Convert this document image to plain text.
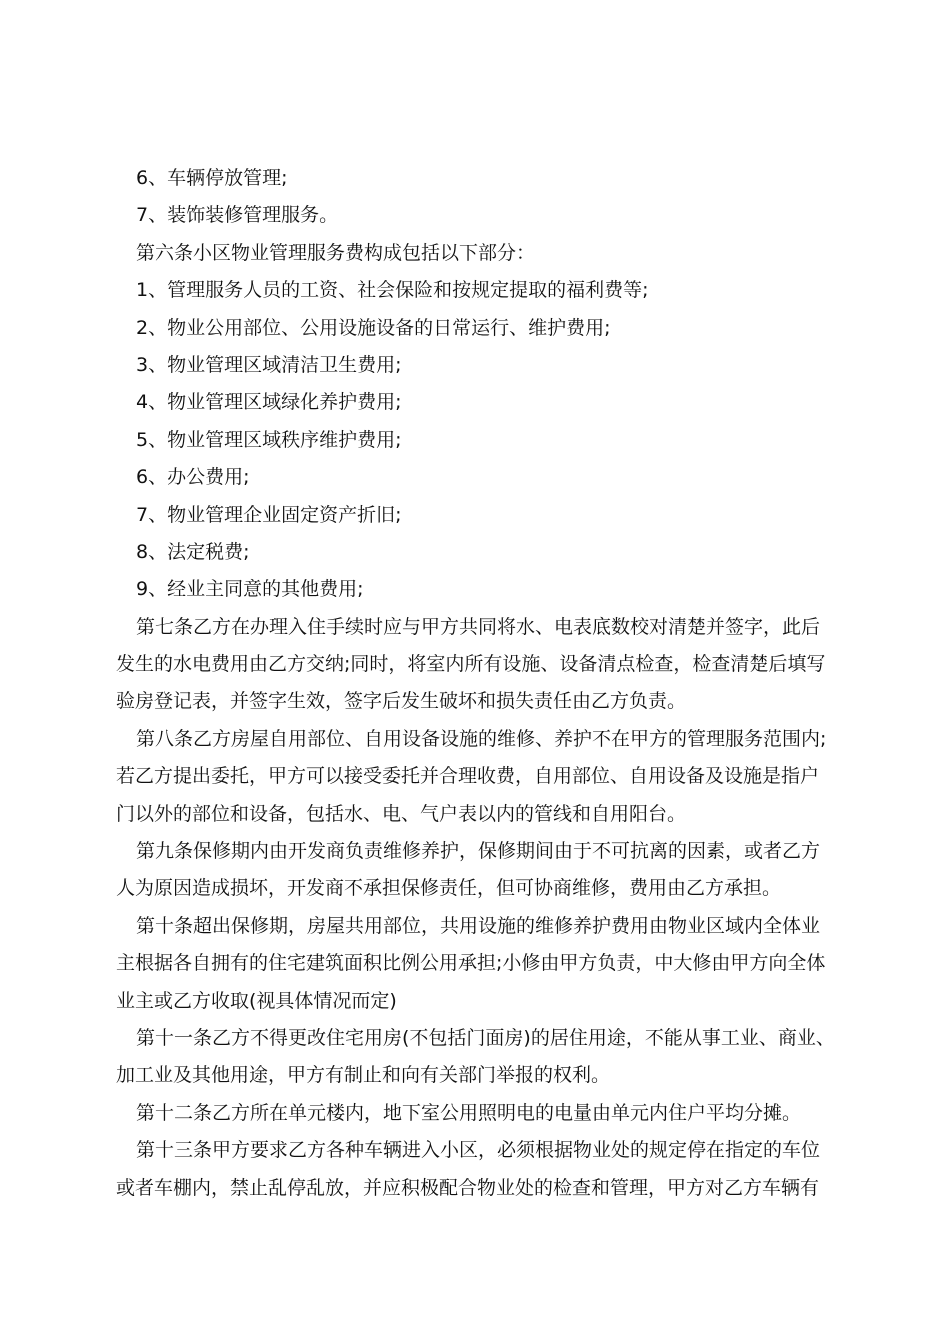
6、车辆停放管理;
7、装饰装修管理服务。
第六条小区物业管理服务费构成包括以下部分：
1、管理服务人员的工资、社会保险和按规定提取的福利费等;
2、物业公用部位、公用设施设备的日常运行、维护费用;
3、物业管理区域清洁卫生费用;
4、物业管理区域绿化养护费用;
5、物业管理区域秩序维护费用;
6、办公费用;
7、物业管理企业固定资产折旧;
8、法定税费;
9、经业主同意的其他费用;
第七条乙方在办理入住手续时应与甲方共同将水、电表底数校对清楚并签字，此后
发生的水电费用由乙方交纳;同时，将室内所有设施、设备清点检查，检查清楚后填写
验房登记表，并签字生效，签字后发生破坏和损失责任由乙方负责。
第八条乙方房屋自用部位、自用设备设施的维修、养护不在甲方的管理服务范围内;
若乙方提出委托，甲方可以接受委托并合理收费，自用部位、自用设备及设施是指户
门以外的部位和设备，包括水、电、气户表以内的管线和自用阳台。
第九条保修期内由开发商负责维修养护，保修期间由于不可抗离的因素，或者乙方
人为原因造成损坏，开发商不承担保修责任，但可协商维修，费用由乙方承担。
第十条超出保修期，房屋共用部位，共用设施的维修养护费用由物业区域内全体业
主根据各自拥有的住宅建筑面积比例公用承担;小修由甲方负责，中大修由甲方向全体
业主或乙方收取(视具体情况而定)
第十一条乙方不得更改住宅用房(不包括门面房)的居住用途，不能从事工业、商业、
加工业及其他用途，甲方有制止和向有关部门举报的权利。
第十二条乙方所在单元楼内，地下室公用照明电的电量由单元内住户平均分摊。
第十三条甲方要求乙方各种车辆进入小区，必须根据物业处的规定停在指定的车位
或者车棚内，禁止乱停乱放，并应积极配合物业处的检查和管理，甲方对乙方车辆有
